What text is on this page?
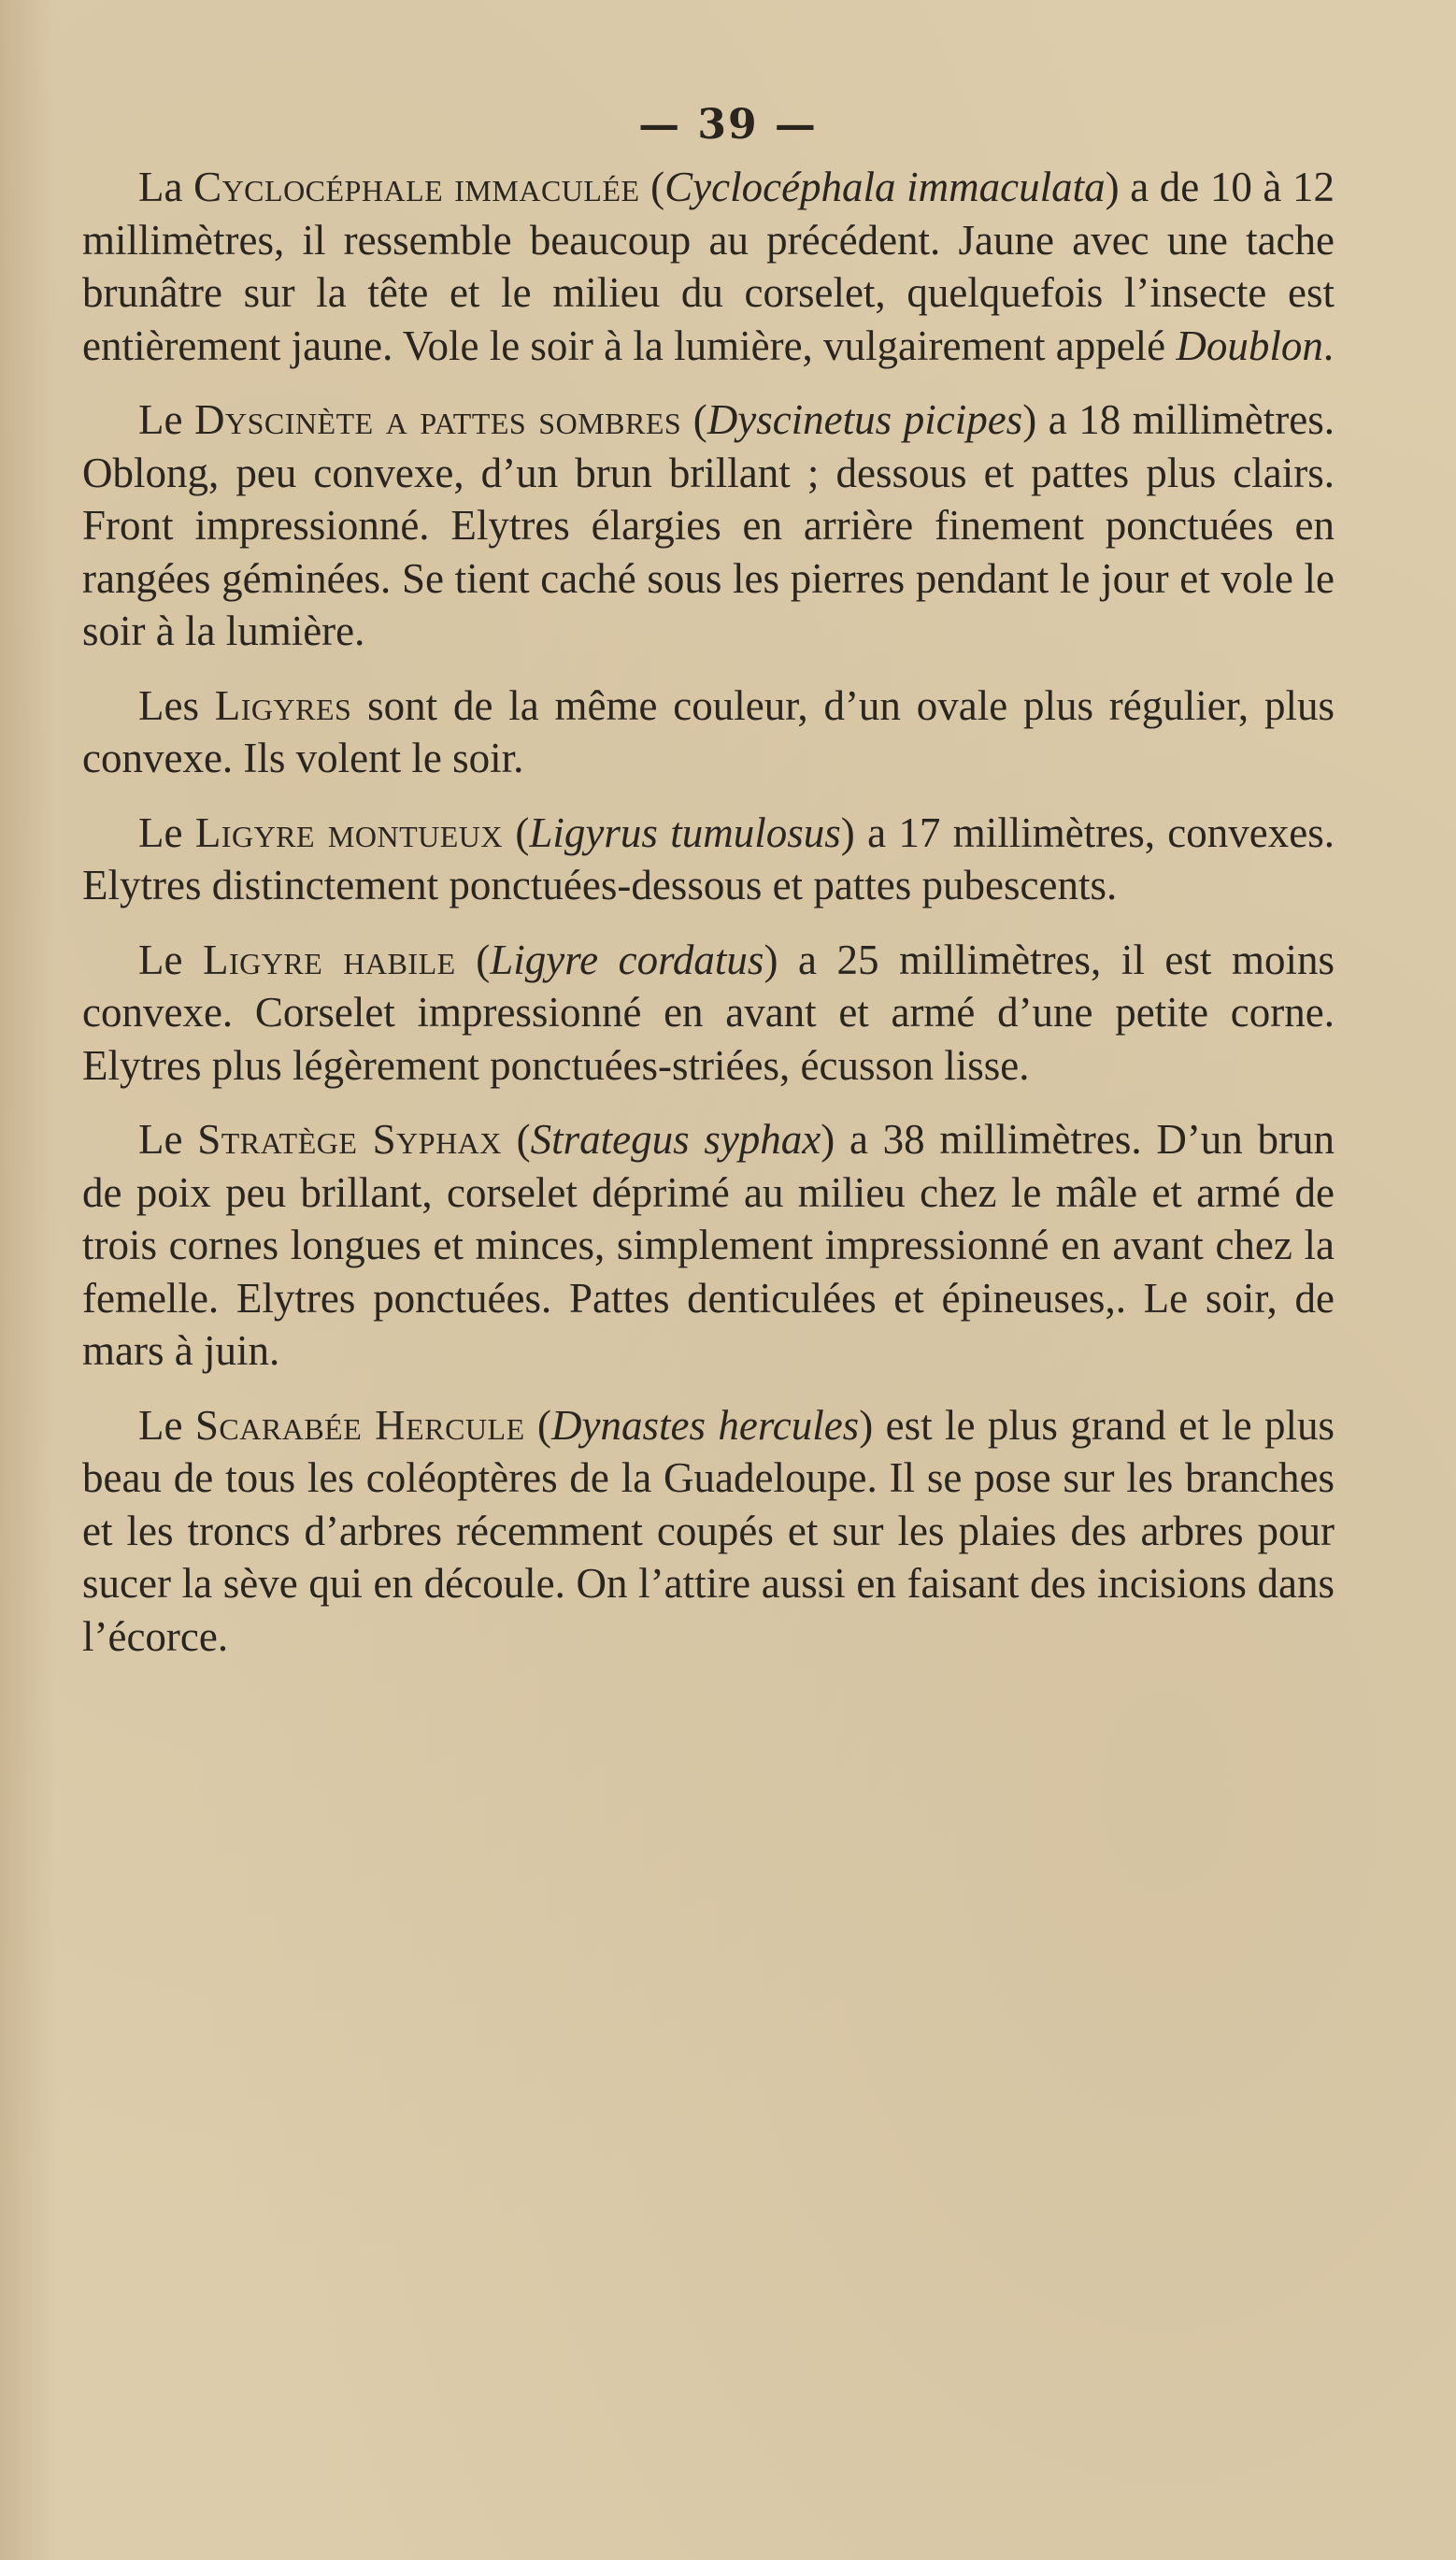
— 39 —

La Cyclocéphale immaculée (Cyclocéphala immaculata) a de 10 à 12 millimètres, il ressemble beaucoup au précédent. Jaune avec une tache brunâtre sur la tête et le milieu du corselet, quelquefois l’insecte est entièrement jaune. Vole le soir à la lumière, vulgairement appelé Doublon.

Le Dyscinète a pattes sombres (Dyscinetus picipes) a 18 millimètres. Oblong, peu convexe, d’un brun brillant ; dessous et pattes plus clairs. Front impressionné. Elytres élargies en arrière finement ponctuées en rangées géminées. Se tient caché sous les pierres pendant le jour et vole le soir à la lumière.

Les Ligyres sont de la même couleur, d’un ovale plus régulier, plus convexe. Ils volent le soir.

Le Ligyre montueux (Ligyrus tumulosus) a 17 millimètres, convexes. Elytres distinctement ponctuées-dessous et pattes pubescents.

Le Ligyre habile (Ligyre cordatus) a 25 millimètres, il est moins convexe. Corselet impressionné en avant et armé d’une petite corne. Elytres plus légèrement ponctuées-striées, écusson lisse.

Le Stratège Syphax (Strategus syphax) a 38 millimètres. D’un brun de poix peu brillant, corselet déprimé au milieu chez le mâle et armé de trois cornes longues et minces, simplement impressionné en avant chez la femelle. Elytres ponctuées. Pattes denticulées et épineuses,. Le soir, de mars à juin.

Le Scarabée Hercule (Dynastes hercules) est le plus grand et le plus beau de tous les coléoptères de la Guadeloupe. Il se pose sur les branches et les troncs d’arbres récemment coupés et sur les plaies des arbres pour sucer la sève qui en découle. On l’attire aussi en faisant des incisions dans l’écorce.
